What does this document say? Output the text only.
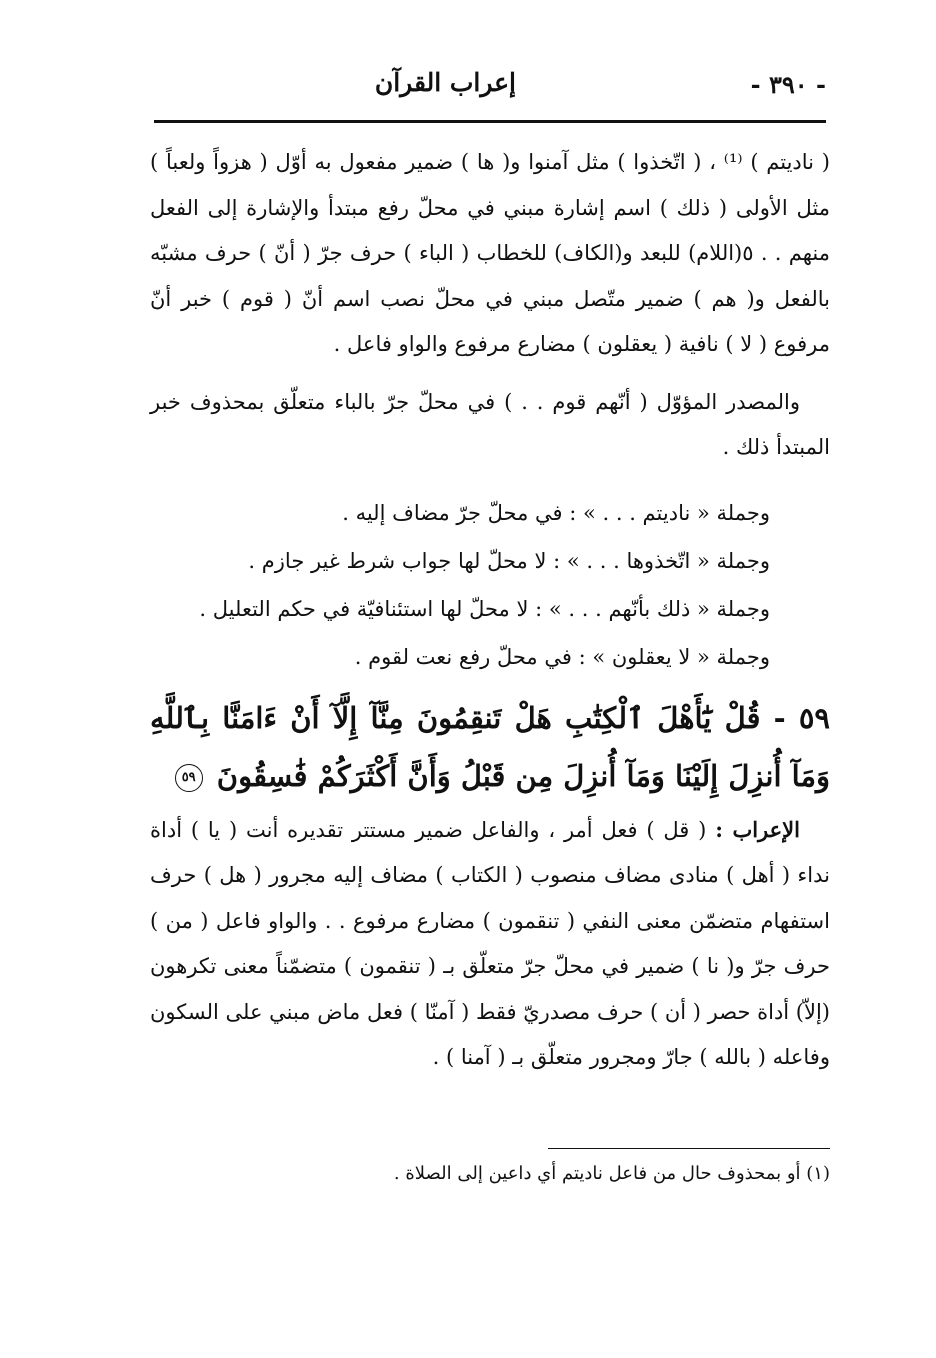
- ٣٩٠ -
إعراب القرآن

( ناديتم ) ⁽¹⁾ ، ( اتّخذوا ) مثل آمنوا و( ها ) ضمير مفعول به أوّل ( هزواً ولعباً ) مثل الأولى ( ذلك ) اسم إشارة مبني في محلّ رفع مبتدأ والإشارة إلى الفعل منهم . . ٥(اللام) للبعد و(الكاف) للخطاب ( الباء ) حرف جرّ ( أنّ ) حرف مشبّه بالفعل و( هم ) ضمير متّصل مبني في محلّ نصب اسم أنّ ( قوم ) خبر أنّ مرفوع ( لا ) نافية ( يعقلون ) مضارع مرفوع والواو فاعل .

والمصدر المؤوّل ( أنّهم قوم . . ) في محلّ جرّ بالباء متعلّق بمحذوف خبر المبتدأ ذلك .

وجملة « ناديتم . . . » : في محلّ جرّ مضاف إليه .

وجملة « اتّخذوها . . . » : لا محلّ لها جواب شرط غير جازم .

وجملة « ذلك بأنّهم . . . » : لا محلّ لها استئنافيّة في حكم التعليل .

وجملة « لا يعقلون » : في محلّ رفع نعت لقوم .

٥٩ - قُلْ يَٰٓأَهْلَ ٱلْكِتَٰبِ هَلْ تَنقِمُونَ مِنَّآ إِلَّآ أَنْ ءَامَنَّا بِٱللَّهِ وَمَآ أُنزِلَ إِلَيْنَا وَمَآ أُنزِلَ مِن قَبْلُ وَأَنَّ أَكْثَرَكُمْ فَٰسِقُونَ ٥٩

الإعراب : ( قل ) فعل أمر ، والفاعل ضمير مستتر تقديره أنت ( يا ) أداة نداء ( أهل ) منادى مضاف منصوب ( الكتاب ) مضاف إليه مجرور ( هل ) حرف استفهام متضمّن معنى النفي ( تنقمون ) مضارع مرفوع . . والواو فاعل ( من ) حرف جرّ و( نا ) ضمير في محلّ جرّ متعلّق بـ ( تنقمون ) متضمّناً معنى تكرهون (إلاّ) أداة حصر ( أن ) حرف مصدريّ فقط ( آمنّا ) فعل ماض مبني على السكون وفاعله ( بالله ) جارّ ومجرور متعلّق بـ ( آمنا ) .

(١) أو بمحذوف حال من فاعل ناديتم أي داعين إلى الصلاة .
